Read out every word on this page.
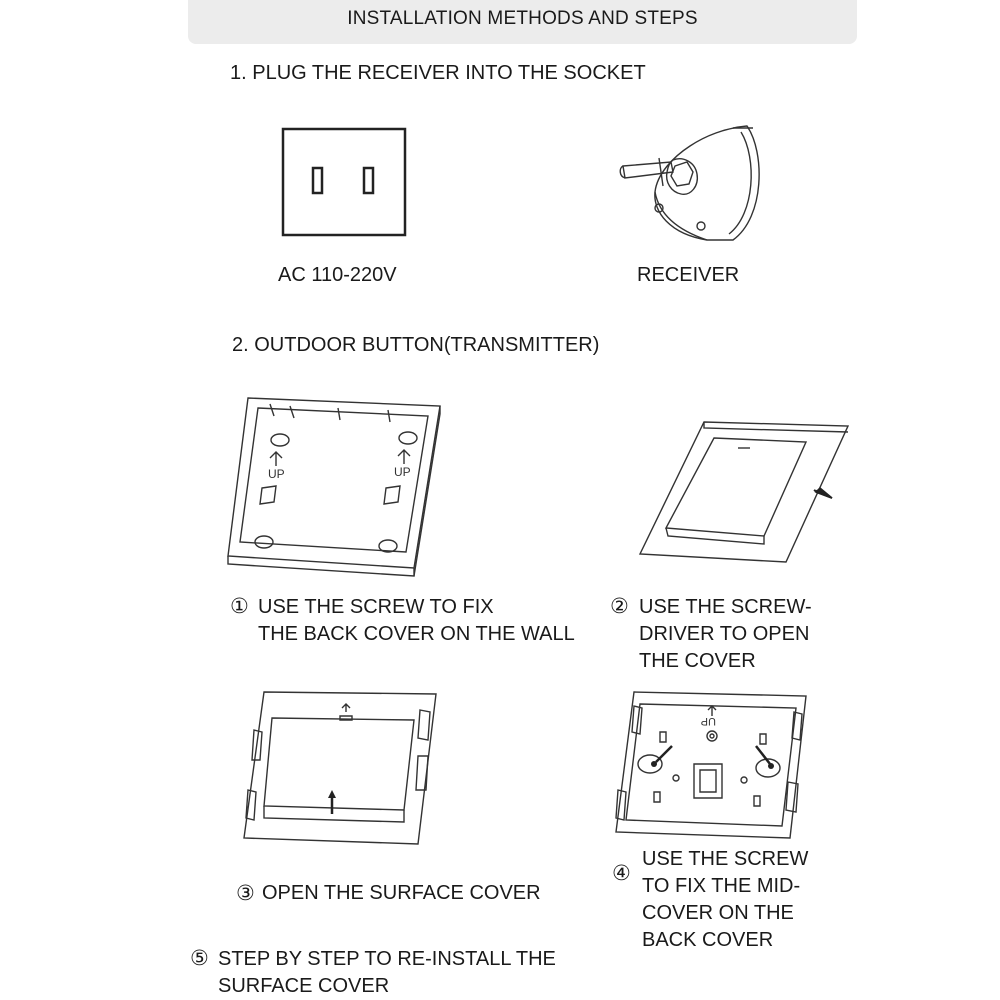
INSTALLATION METHODS AND STEPS
1. PLUG THE RECEIVER INTO THE SOCKET
AC 110-220V	RECEIVER
2. OUTDOOR BUTTON(TRANSMITTER)
UP	UP
① USE THE SCREW TO FIX
THE BACK COVER ON THE WALL
② USE THE SCREW-
DRIVER TO OPEN
THE COVER
UP
③ OPEN THE SURFACE COVER
④
USE THE SCREW
TO FIX THE MID-
COVER ON THE
BACK COVER
⑤ STEP BY STEP TO RE-INSTALL THE
SURFACE COVER
